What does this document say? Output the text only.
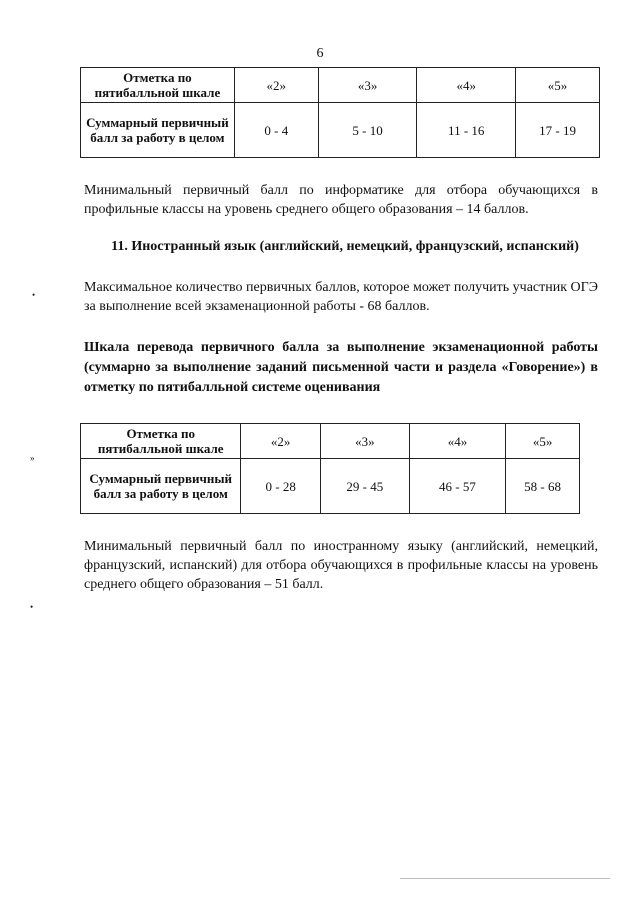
6
Отметка по пятибалльной шкале	«2»	«3»	«4»	«5»
Суммарный первичный балл за работу в целом	0 - 4	5 - 10	11 - 16	17 - 19
Минимальный первичный балл по информатике для отбора обучающихся в профильные классы на уровень среднего общего образования – 14 баллов.
11. Иностранный язык (английский, немецкий, французский, испанский)
Максимальное количество первичных баллов, которое может получить участник ОГЭ за выполнение всей экзаменационной работы - 68 баллов.
Шкала перевода первичного балла за выполнение экзаменационной работы (суммарно за выполнение заданий письменной части и раздела «Говорение») в отметку по пятибалльной системе оценивания
Отметка по пятибалльной шкале	«2»	«3»	«4»	«5»
Суммарный первичный балл за работу в целом	0 - 28	29 - 45	46 - 57	58 - 68
Минимальный первичный балл по иностранному языку (английский, немецкий, французский, испанский) для отбора обучающихся в профильные классы на уровень среднего общего образования – 51 балл.
•
»
•
